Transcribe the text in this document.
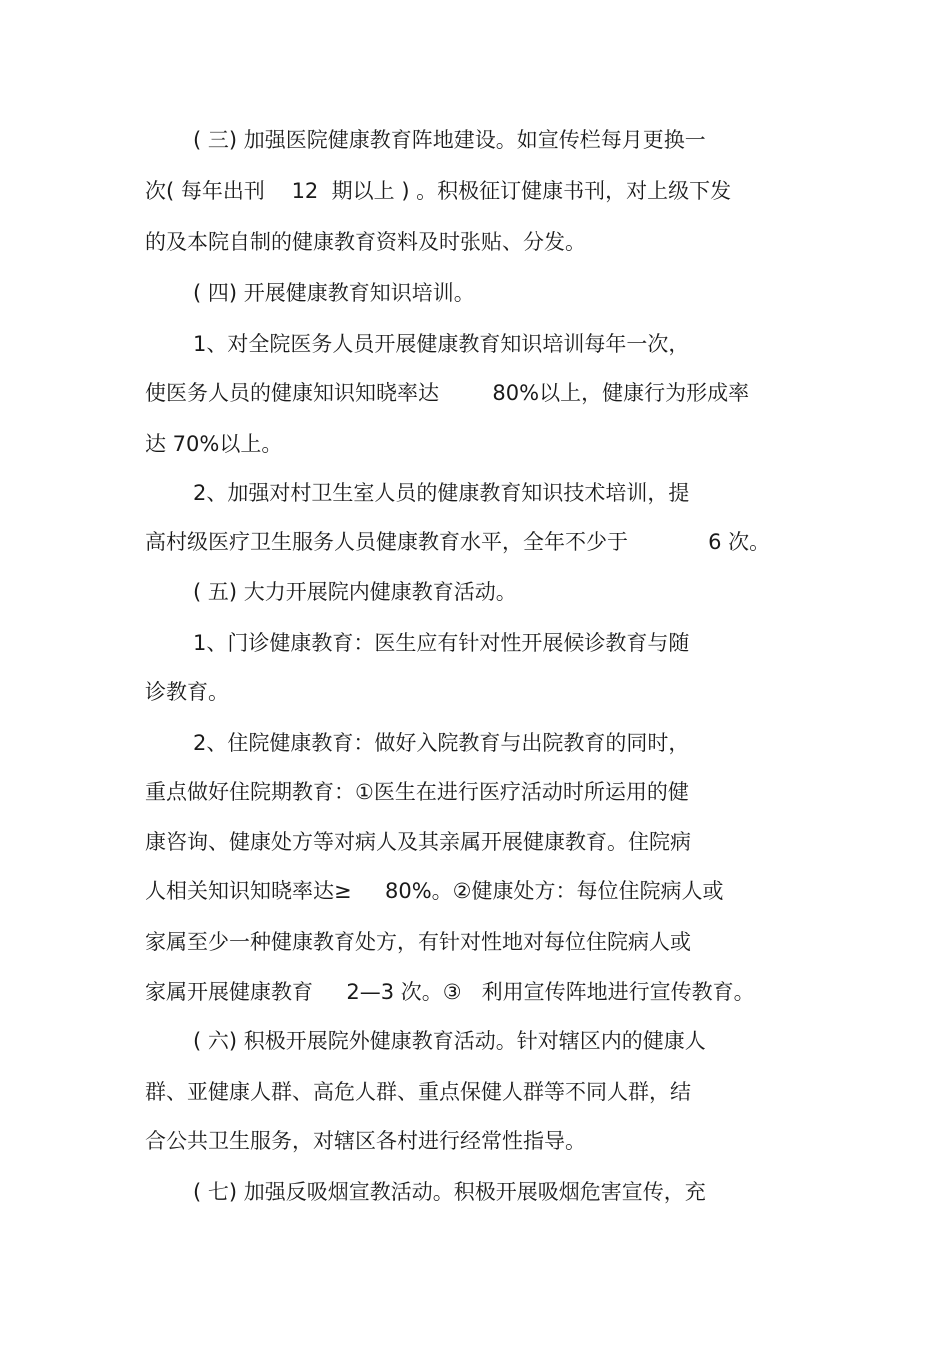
( 三) 加强医院健康教育阵地建设。如宣传栏每月更换一
次( 每年出刊    12  期以上 ) 。积极征订健康书刊，对上级下发
的及本院自制的健康教育资料及时张贴、分发。
( 四) 开展健康教育知识培训。
1、对全院医务人员开展健康教育知识培训每年一次，
使医务人员的健康知识知晓率达        80%以上，健康行为形成率
达 70%以上。
2、加强对村卫生室人员的健康教育知识技术培训，提
高村级医疗卫生服务人员健康教育水平，全年不少于            6 次。
( 五) 大力开展院内健康教育活动。
1、门诊健康教育：医生应有针对性开展候诊教育与随
诊教育。
2、住院健康教育：做好入院教育与出院教育的同时，
重点做好住院期教育：①医生在进行医疗活动时所运用的健
康咨询、健康处方等对病人及其亲属开展健康教育。住院病
人相关知识知晓率达≥     80%。②健康处方：每位住院病人或
家属至少一种健康教育处方，有针对性地对每位住院病人或
家属开展健康教育     2—3 次。③   利用宣传阵地进行宣传教育。
( 六) 积极开展院外健康教育活动。针对辖区内的健康人
群、亚健康人群、高危人群、重点保健人群等不同人群，结
合公共卫生服务，对辖区各村进行经常性指导。
( 七) 加强反吸烟宣教活动。积极开展吸烟危害宣传，充
